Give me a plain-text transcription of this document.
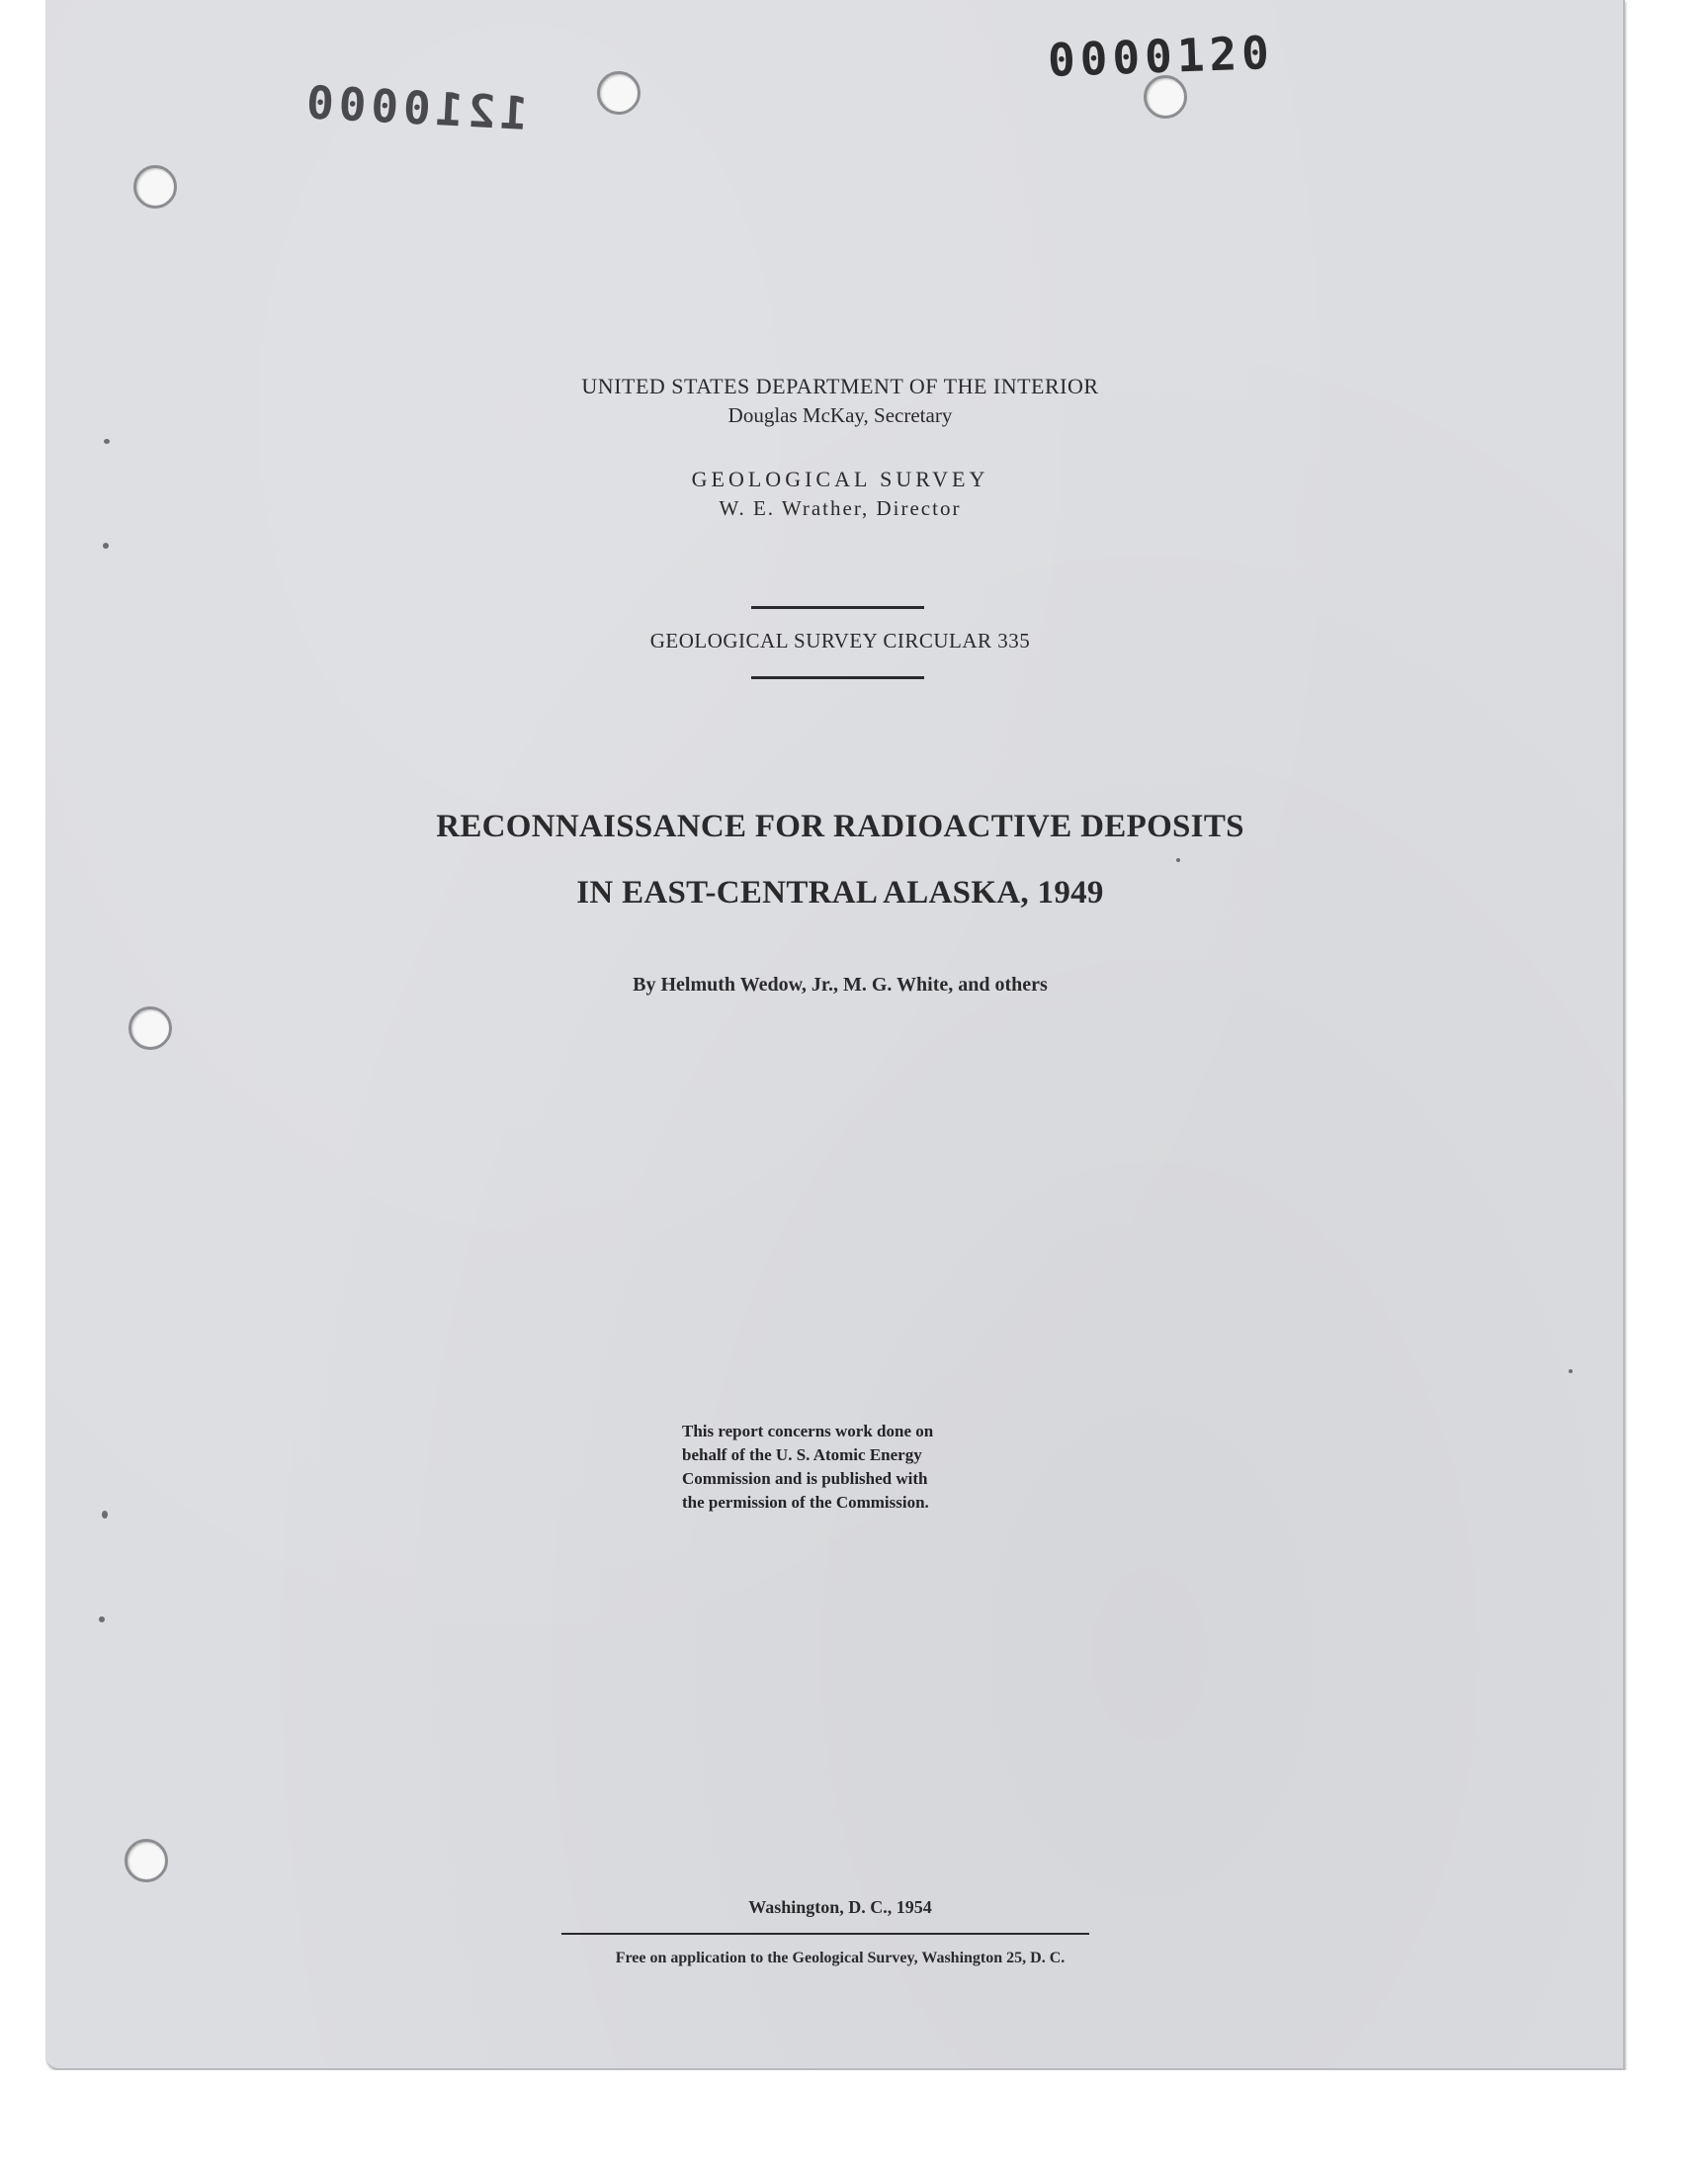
0000120
1210000
UNITED STATES DEPARTMENT OF THE INTERIOR
Douglas McKay, Secretary
GEOLOGICAL SURVEY
W. E. Wrather, Director
GEOLOGICAL SURVEY CIRCULAR 335
RECONNAISSANCE FOR RADIOACTIVE DEPOSITS
IN EAST-CENTRAL ALASKA, 1949
By Helmuth Wedow, Jr., M. G. White, and others
This report concerns work done on
behalf of the U. S. Atomic Energy
Commission and is published with
the permission of the Commission.
Washington, D. C., 1954
Free on application to the Geological Survey, Washington 25, D. C.
